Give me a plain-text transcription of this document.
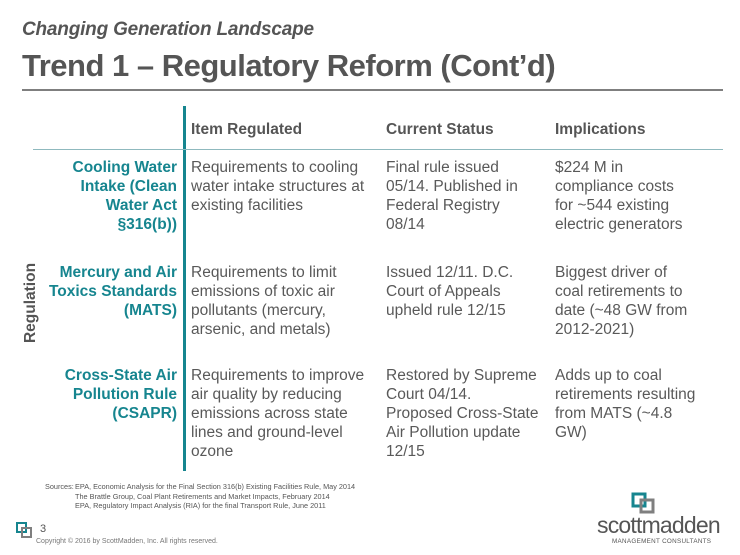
Changing Generation Landscape
Trend 1 – Regulatory Reform (Cont’d)
Item Regulated	Current Status	Implications
Regulation
Cooling Water
Intake (Clean
Water Act
§316(b))
Requirements to cooling
water intake structures at
existing facilities
Final rule issued
05/14. Published in
Federal Registry
08/14
$224 M in
compliance costs
for ~544 existing
electric generators
Mercury and Air
Toxics Standards
(MATS)
Requirements to limit
emissions of toxic air
pollutants (mercury,
arsenic, and metals)
Issued 12/11. D.C.
Court of Appeals
upheld rule 12/15
Biggest driver of
coal retirements to
date (~48 GW from
2012-2021)
Cross-State Air
Pollution Rule
(CSAPR)
Requirements to improve
air quality by reducing
emissions across state
lines and ground-level
ozone
Restored by Supreme
Court 04/14.
Proposed Cross-State
Air Pollution update
12/15
Adds up to coal
retirements resulting
from MATS (~4.8
GW)
Sources: EPA, Economic Analysis for the Final Section 316(b) Existing Facilities Rule, May 2014
The Brattle Group, Coal Plant Retirements and Market Impacts, February 2014
EPA, Regulatory Impact Analysis (RIA) for the final Transport Rule, June 2011
3
Copyright © 2016 by ScottMadden, Inc. All rights reserved.
scottmadden
MANAGEMENT CONSULTANTS
